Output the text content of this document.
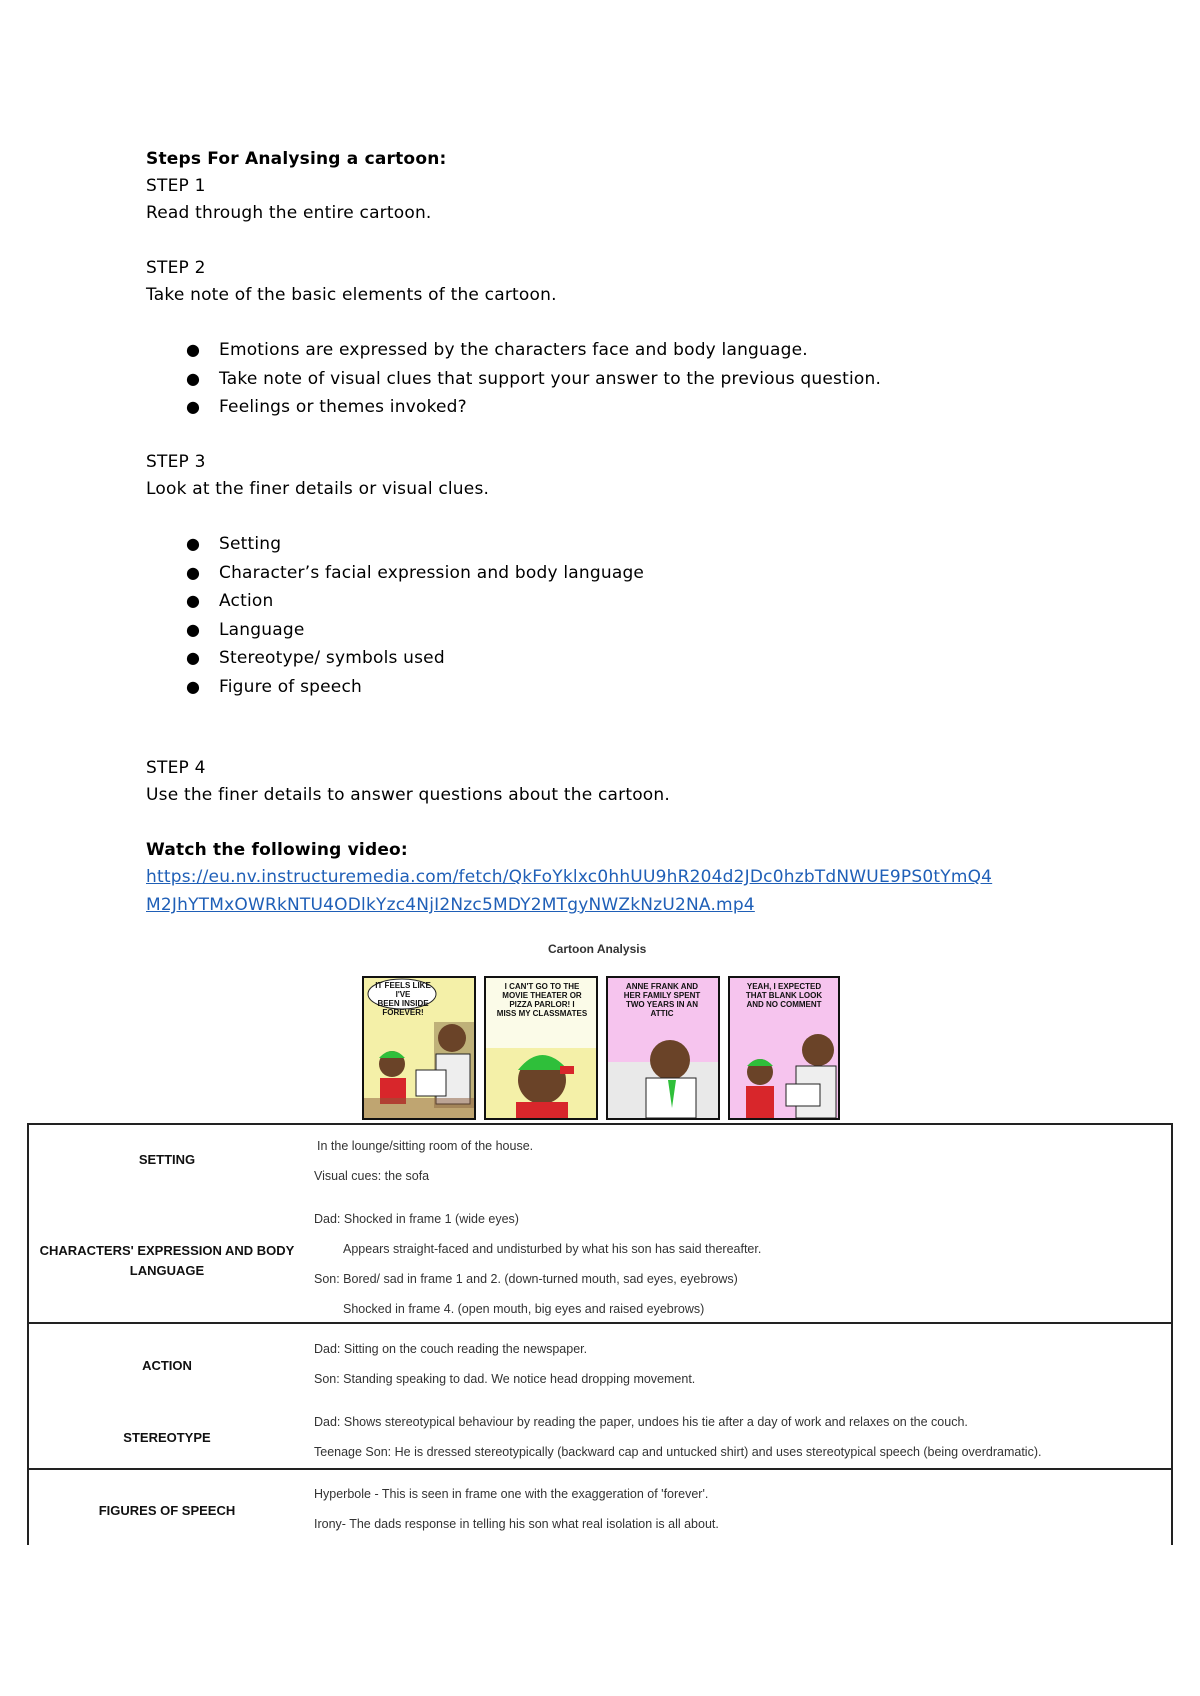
Steps For Analysing a cartoon:
STEP 1
Read through the entire cartoon.
STEP 2
Take note of the basic elements of the cartoon.
● Emotions are expressed by the characters face and body language.
● Take note of visual clues that support your answer to the previous question.
● Feelings or themes invoked?
STEP 3
Look at the finer details or visual clues.
● Setting
● Character’s facial expression and body language
● Action
● Language
● Stereotype/ symbols used
● Figure of speech
STEP 4
Use the finer details to answer questions about the cartoon.
Watch the following video:
https://eu.nv.instructuremedia.com/fetch/QkFoYklxc0hhUU9hR204d2JDc0hzbTdNWUE9PS0tYmQ4
M2JhYTMxOWRkNTU4ODlkYzc4NjI2Nzc5MDY2MTgyNWZkNzU2NA.mp4
Cartoon Analysis
IT FEELS LIKE I'VE
BEEN INSIDE
FOREVER!
I CAN'T GO TO THE
MOVIE THEATER OR
PIZZA PARLOR! I
MISS MY CLASSMATES
ANNE FRANK AND
HER FAMILY SPENT
TWO YEARS IN AN
ATTIC
YEAH, I EXPECTED
THAT BLANK LOOK
AND NO COMMENT
SETTING
In the lounge/sitting room of the house.
Visual cues: the sofa
CHARACTERS' EXPRESSION AND BODY
LANGUAGE
Dad: Shocked in frame 1 (wide eyes)
Appears straight-faced and undisturbed by what his son has said thereafter.
Son: Bored/ sad in frame 1 and 2. (down-turned mouth, sad eyes, eyebrows)
Shocked in frame 4. (open mouth, big eyes and raised eyebrows)
ACTION
Dad: Sitting on the couch reading the newspaper.
Son: Standing speaking to dad. We notice head dropping movement.
STEREOTYPE
Dad: Shows stereotypical behaviour by reading the paper, undoes his tie after a day of work and relaxes on the couch.
Teenage Son: He is dressed stereotypically (backward cap and untucked shirt) and uses stereotypical speech (being overdramatic).
FIGURES OF SPEECH
Hyperbole - This is seen in frame one with the exaggeration of 'forever'.
Irony- The dads response in telling his son what real isolation is all about.
